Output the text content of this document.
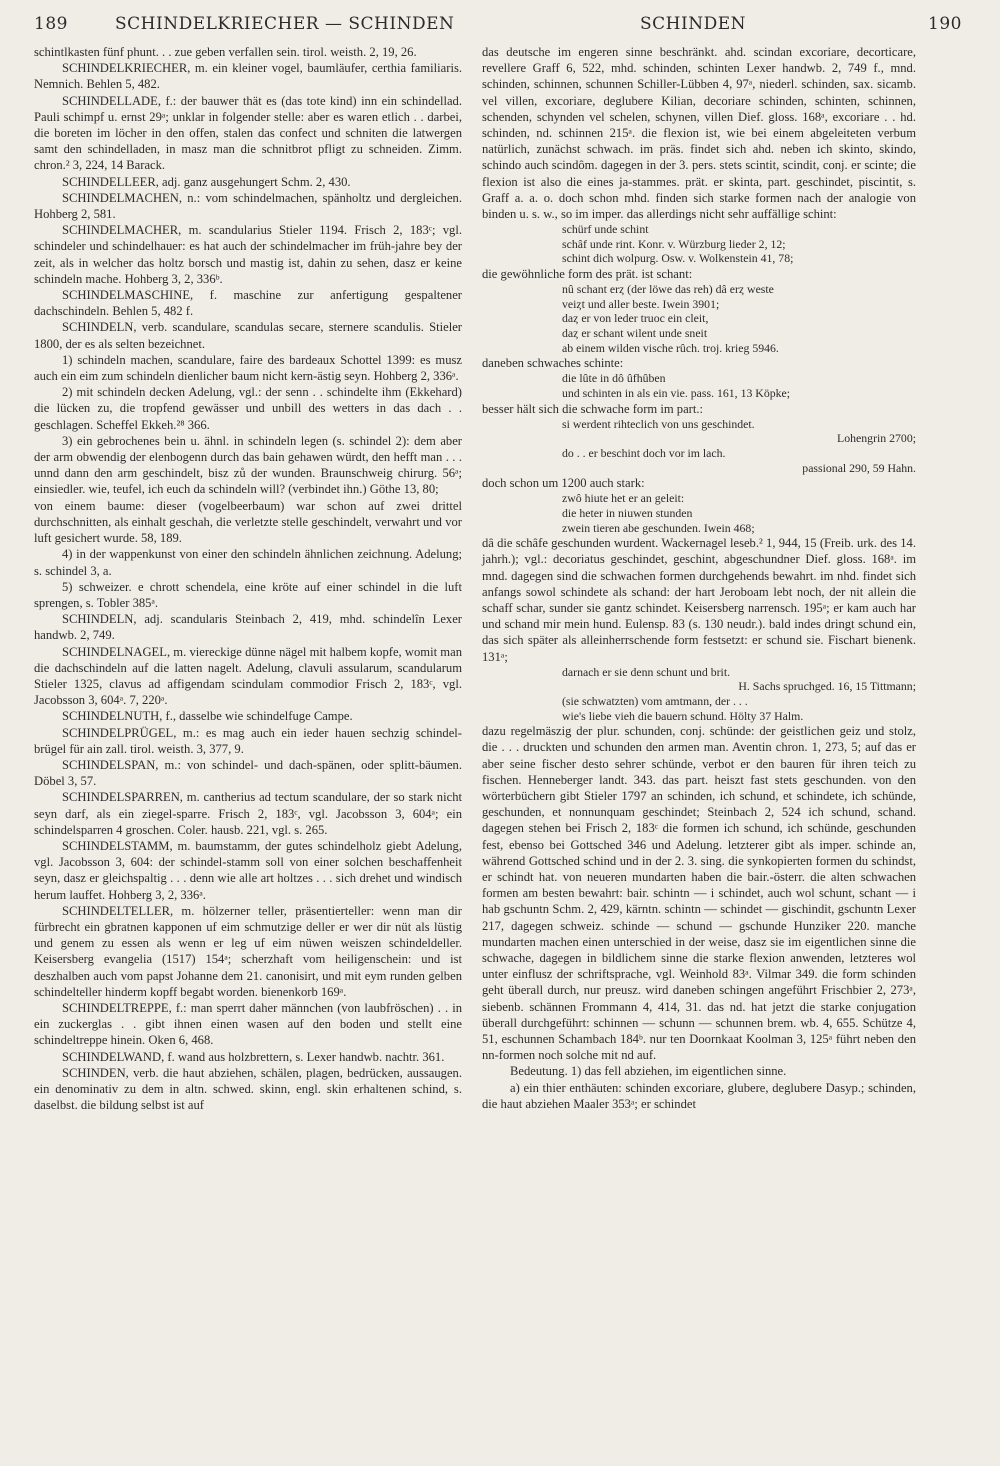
189	SCHINDELKRIECHER — SCHINDEN	SCHINDEN	190

schintlkasten fünf phunt. . . zue geben verfallen sein. tirol. weisth. 2, 19, 26.

SCHINDELKRIECHER, m. ein kleiner vogel, baumläufer, certhia familiaris. Nemnich. Behlen 5, 482.

SCHINDELLADE, f.: der bauwer thät es (das tote kind) inn ein schindellad. Pauli schimpf u. ernst 29ᵃ; unklar in folgender stelle: aber es waren etlich . . darbei, die boreten im löcher in den offen, stalen das confect und schniten die latwergen samt den schindelladen, in masz man die schnitbrot pfligt zu schneiden. Zimm. chron.² 3, 224, 14 Barack.

SCHINDELLEER, adj. ganz ausgehungert Schm. 2, 430.

SCHINDELMACHEN, n.: vom schindelmachen, spänholtz und dergleichen. Hohberg 2, 581.

SCHINDELMACHER, m. scandularius Stieler 1194. Frisch 2, 183ᶜ; vgl. schindeler und schindelhauer: es hat auch der schindelmacher im früh-jahre bey der zeit, als in welcher das holtz borsch und mastig ist, dahin zu sehen, dasz er keine schindeln mache. Hohberg 3, 2, 336ᵇ.

SCHINDELMASCHINE, f. maschine zur anfertigung gespaltener dachschindeln. Behlen 5, 482 f.

SCHINDELN, verb. scandulare, scandulas secare, sternere scandulis. Stieler 1800, der es als selten bezeichnet.

1) schindeln machen, scandulare, faire des bardeaux Schottel 1399: es musz auch ein eim zum schindeln dienlicher baum nicht kern-ästig seyn. Hohberg 2, 336ᵃ.

2) mit schindeln decken Adelung, vgl.: der senn . . schindelte ihm (Ekkehard) die lücken zu, die tropfend gewässer und unbill des wetters in das dach . . geschlagen. Scheffel Ekkeh.²⁸ 366.

3) ein gebrochenes bein u. ähnl. in schindeln legen (s. schindel 2): dem aber der arm obwendig der elenbogenn durch das bain gehawen würdt, den hefft man . . . unnd dann den arm geschindelt, bisz zů der wunden. Braunschweig chirurg. 56ᵃ; einsiedler. wie, teufel, ich euch da schindeln will? (verbindet ihn.) Göthe 13, 80;

von einem baume: dieser (vogelbeerbaum) war schon auf zwei drittel durchschnitten, als einhalt geschah, die verletzte stelle geschindelt, verwahrt und vor luft gesichert wurde. 58, 189.

4) in der wappenkunst von einer den schindeln ähnlichen zeichnung. Adelung; s. schindel 3, a.

5) schweizer. e chrott schendela, eine kröte auf einer schindel in die luft sprengen, s. Tobler 385ᵃ.

SCHINDELN, adj. scandularis Steinbach 2, 419, mhd. schindelîn Lexer handwb. 2, 749.

SCHINDELNAGEL, m. viereckige dünne nägel mit halbem kopfe, womit man die dachschindeln auf die latten nagelt. Adelung, clavuli assularum, scandularum Stieler 1325, clavus ad affigendam scindulam commodior Frisch 2, 183ᶜ, vgl. Jacobsson 3, 604ᵃ. 7, 220ᵃ.

SCHINDELNUTH, f., dasselbe wie schindelfuge Campe.

SCHINDELPRÜGEL, m.: es mag auch ein ieder hauen sechzig schindel-brügel für ain zall. tirol. weisth. 3, 377, 9.

SCHINDELSPAN, m.: von schindel- und dach-spänen, oder splitt-bäumen. Döbel 3, 57.

SCHINDELSPARREN, m. cantherius ad tectum scandulare, der so stark nicht seyn darf, als ein ziegel-sparre. Frisch 2, 183ᶜ, vgl. Jacobsson 3, 604ᵃ; ein schindelsparren 4 groschen. Coler. hausb. 221, vgl. s. 265.

SCHINDELSTAMM, m. baumstamm, der gutes schindelholz giebt Adelung, vgl. Jacobsson 3, 604: der schindel-stamm soll von einer solchen beschaffenheit seyn, dasz er gleichspaltig . . . denn wie alle art holtzes . . . sich drehet und windisch herum lauffet. Hohberg 3, 2, 336ᵃ.

SCHINDELTELLER, m. hölzerner teller, präsentierteller: wenn man dir fürbrecht ein gbratnen kapponen uf eim schmutzige deller er wer dir nüt als lüstig und genem zu essen als wenn er leg uf eim nüwen weiszen schindeldeller. Keisersberg evangelia (1517) 154ᵃ; scherzhaft vom heiligenschein: und ist deszhalben auch vom papst Johanne dem 21. canonisirt, und mit eym runden gelben schindelteller hinderm kopff begabt worden. bienenkorb 169ᵃ.

SCHINDELTREPPE, f.: man sperrt daher männchen (von laubfröschen) . . in ein zuckerglas . . gibt ihnen einen wasen auf den boden und stellt eine schindeltreppe hinein. Oken 6, 468.

SCHINDELWAND, f. wand aus holzbrettern, s. Lexer handwb. nachtr. 361.

SCHINDEN, verb. die haut abziehen, schälen, plagen, bedrücken, aussaugen. ein denominativ zu dem in altn. schwed. skinn, engl. skin erhaltenen schind, s. daselbst. die bildung selbst ist auf

das deutsche im engeren sinne beschränkt. ahd. scindan excoriare, decorticare, revellere Graff 6, 522, mhd. schinden, schinten Lexer handwb. 2, 749 f., mnd. schinden, schinnen, schunnen Schiller-Lübben 4, 97ᵃ, niederl. schinden, sax. sicamb. vel villen, excoriare, deglubere Kilian, decoriare schinden, schinten, schinnen, schenden, schynden vel schelen, schynen, villen Dief. gloss. 168ᵃ, excoriare . . hd. schinden, nd. schinnen 215ᵃ. die flexion ist, wie bei einem abgeleiteten verbum natürlich, zunächst schwach. im präs. findet sich ahd. neben ich skinto, skindo, schindo auch scindôm. dagegen in der 3. pers. stets scintit, scindit, conj. er scinte; die flexion ist also die eines ja-stammes. prät. er skinta, part. geschindet, piscintit, s. Graff a. a. o. doch schon mhd. finden sich starke formen nach der analogie von binden u. s. w., so im imper. das allerdings nicht sehr auffällige schint:

schürf unde schint

schâf unde rint. Konr. v. Würzburg lieder 2, 12;

schint dich wolpurg. Osw. v. Wolkenstein 41, 78;

die gewöhnliche form des prät. ist schant:

nû schant erȥ (der löwe das reh) dâ erȥ weste

veiȥt und aller beste. Iwein 3901;

daȥ er von leder truoc ein cleit,

daȥ er schant wilent unde sneit

ab einem wilden vische rûch. troj. krieg 5946.

daneben schwaches schinte:

die lûte in dô ûfhûben

und schinten in als ein vie. pass. 161, 13 Köpke;

besser hält sich die schwache form im part.:

si werdent rihteclich von uns geschindet.

Lohengrin 2700;

do . . er beschint doch vor im lach.

passional 290, 59 Hahn.

doch schon um 1200 auch stark:

zwô hiute het er an geleit:

die heter in niuwen stunden

zwein tieren abe geschunden. Iwein 468;

dâ die schâfe geschunden wurdent. Wackernagel leseb.² 1, 944, 15 (Freib. urk. des 14. jahrh.); vgl.: decoriatus geschindet, geschint, abgeschundner Dief. gloss. 168ᵃ. im mnd. dagegen sind die schwachen formen durchgehends bewahrt. im nhd. findet sich anfangs sowol schindete als schand: der hart Jeroboam lebt noch, der nit allein die schaff schar, sunder sie gantz schindet. Keisersberg narrensch. 195ᵃ; er kam auch har und schand mir mein hund. Eulensp. 83 (s. 130 neudr.). bald indes dringt schund ein, das sich später als alleinherrschende form festsetzt: er schund sie. Fischart bienenk. 131ᵃ;

darnach er sie denn schunt und brit.

H. Sachs spruchged. 16, 15 Tittmann;

(sie schwatzten) vom amtmann, der . . .

wie's liebe vieh die bauern schund. Hölty 37 Halm.

dazu regelmäszig der plur. schunden, conj. schünde: der geistlichen geiz und stolz, die . . . druckten und schunden den armen man. Aventin chron. 1, 273, 5; auf das er aber seine fischer desto sehrer schünde, verbot er den bauren für ihren teich zu fischen. Henneberger landt. 343. das part. heiszt fast stets geschunden. von den wörterbüchern gibt Stieler 1797 an schinden, ich schund, et schindete, ich schünde, geschunden, et nonnunquam geschindet; Steinbach 2, 524 ich schund, schand. dagegen stehen bei Frisch 2, 183ᶜ die formen ich schund, ich schünde, geschunden fest, ebenso bei Gottsched 346 und Adelung. letzterer gibt als imper. schinde an, während Gottsched schind und in der 2. 3. sing. die synkopierten formen du schindst, er schindt hat. von neueren mundarten haben die bair.-österr. die alten schwachen formen am besten bewahrt: bair. schintn — i schindet, auch wol schunt, schant — i hab gschuntn Schm. 2, 429, kärntn. schintn — schindet — gischindit, gschuntn Lexer 217, dagegen schweiz. schinde — schund — gschunde Hunziker 220. manche mundarten machen einen unterschied in der weise, dasz sie im eigentlichen sinne die schwache, dagegen in bildlichem sinne die starke flexion anwenden, letzteres wol unter einflusz der schriftsprache, vgl. Weinhold 83ᵃ. Vilmar 349. die form schinden geht überall durch, nur preusz. wird daneben schingen angeführt Frischbier 2, 273ᵃ, siebenb. schännen Frommann 4, 414, 31. das nd. hat jetzt die starke conjugation überall durchgeführt: schinnen — schunn — schunnen brem. wb. 4, 655. Schütze 4, 51, eschunnen Schambach 184ᵇ. nur ten Doornkaat Koolman 3, 125ᵃ führt neben den nn-formen noch solche mit nd auf.

Bedeutung. 1) das fell abziehen, im eigentlichen sinne.

a) ein thier enthäuten: schinden excoriare, glubere, deglubere Dasyp.; schinden, die haut abziehen Maaler 353ᵃ; er schindet
